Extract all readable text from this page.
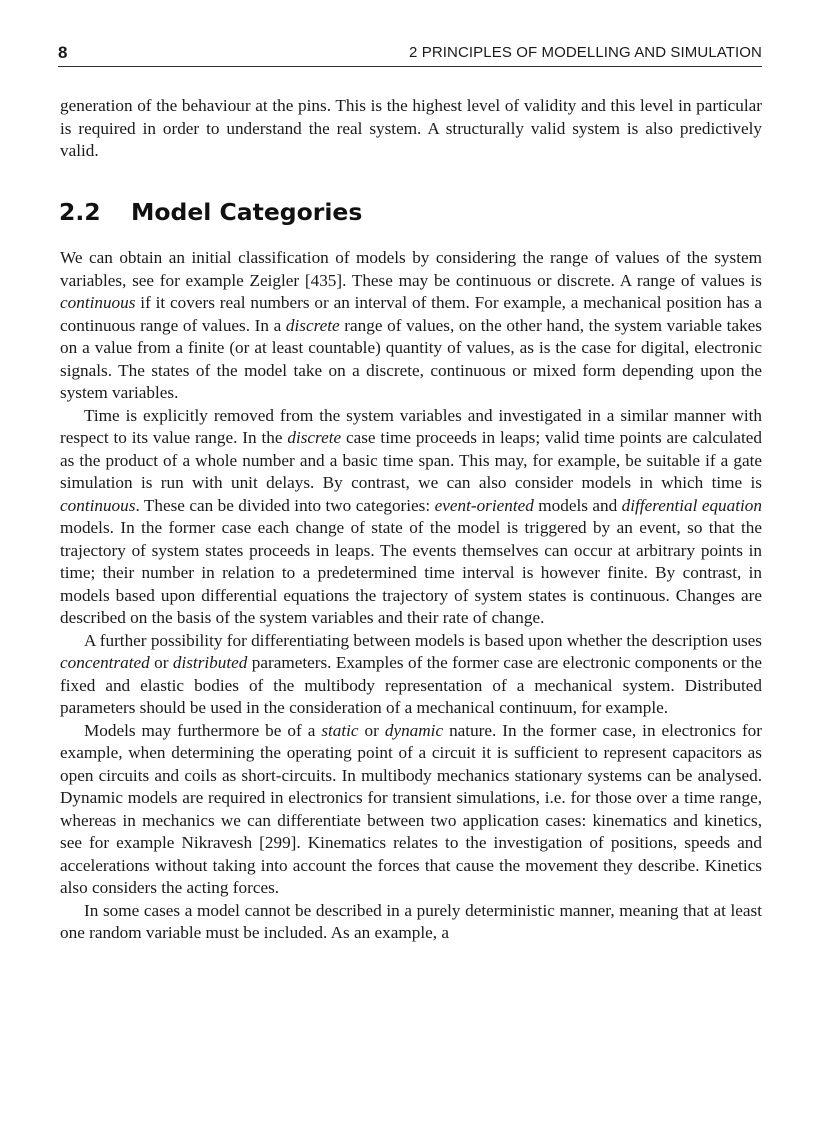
8	2 PRINCIPLES OF MODELLING AND SIMULATION

generation of the behaviour at the pins. This is the highest level of validity and this level in particular is required in order to understand the real system. A structurally valid system is also predictively valid.

2.2 Model Categories

We can obtain an initial classification of models by considering the range of values of the system variables, see for example Zeigler [435]. These may be continuous or discrete. A range of values is continuous if it covers real numbers or an interval of them. For example, a mechanical position has a continuous range of values. In a discrete range of values, on the other hand, the system variable takes on a value from a finite (or at least countable) quantity of values, as is the case for digital, electronic signals. The states of the model take on a discrete, continuous or mixed form depending upon the system variables.

Time is explicitly removed from the system variables and investigated in a similar manner with respect to its value range. In the discrete case time proceeds in leaps; valid time points are calculated as the product of a whole number and a basic time span. This may, for example, be suitable if a gate simulation is run with unit delays. By contrast, we can also consider models in which time is continuous. These can be divided into two categories: event-oriented models and differential equation models. In the former case each change of state of the model is triggered by an event, so that the trajectory of system states proceeds in leaps. The events themselves can occur at arbitrary points in time; their number in relation to a predetermined time interval is however finite. By contrast, in models based upon differential equations the trajectory of system states is continuous. Changes are described on the basis of the system variables and their rate of change.

A further possibility for differentiating between models is based upon whether the description uses concentrated or distributed parameters. Examples of the former case are electronic components or the fixed and elastic bodies of the multibody representation of a mechanical system. Distributed parameters should be used in the consideration of a mechanical continuum, for example.

Models may furthermore be of a static or dynamic nature. In the former case, in electronics for example, when determining the operating point of a circuit it is sufficient to represent capacitors as open circuits and coils as short-circuits. In multibody mechanics stationary systems can be analysed. Dynamic models are required in electronics for transient simulations, i.e. for those over a time range, whereas in mechanics we can differentiate between two application cases: kinematics and kinetics, see for example Nikravesh [299]. Kinematics relates to the investigation of positions, speeds and accelerations without taking into account the forces that cause the movement they describe. Kinetics also considers the acting forces.

In some cases a model cannot be described in a purely deterministic manner, meaning that at least one random variable must be included. As an example, a
